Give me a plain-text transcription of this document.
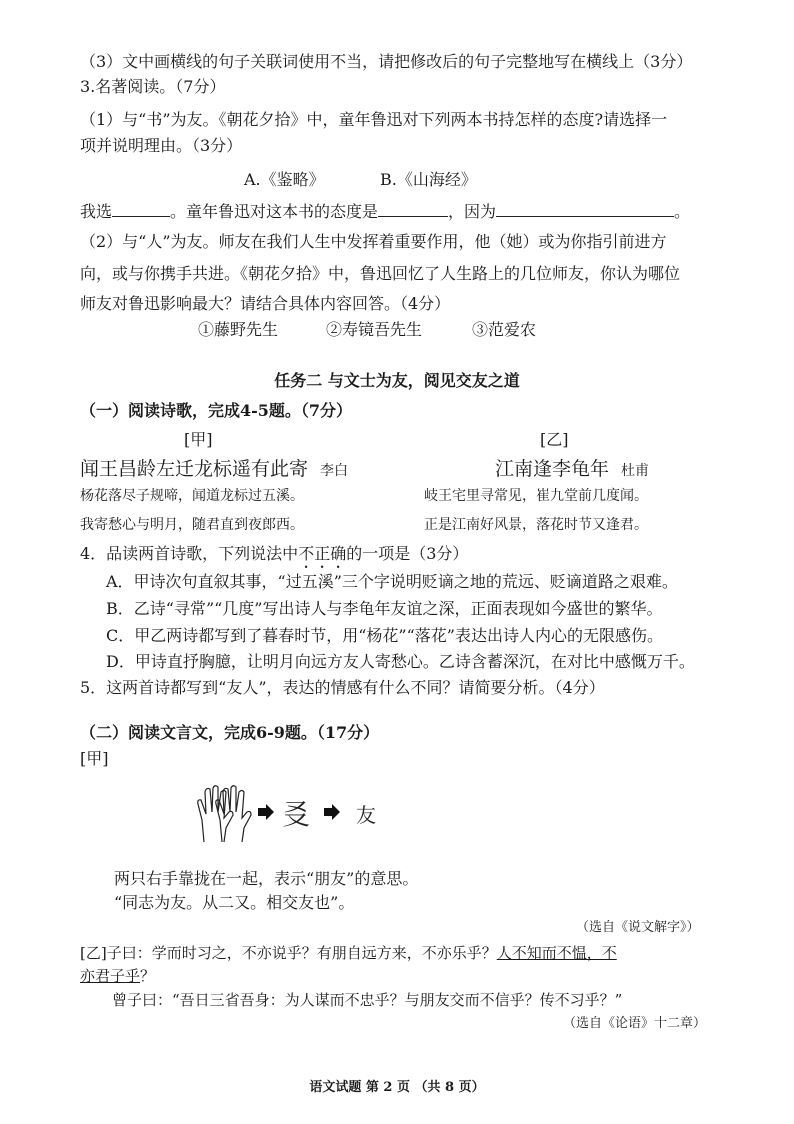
（3）文中画横线的句子关联词使用不当，请把修改后的句子完整地写在横线上（3分）
3.名著阅读。（7分）
（1）与“书”为友。《朝花夕拾》中，童年鲁迅对下列两本书持怎样的态度?请选择一
项并说明理由。（3分）
A.《鉴略》	B.《山海经》
我选	。童年鲁迅对这本书的态度是	，因为	。
（2）与“人”为友。师友在我们人生中发挥着重要作用，他（她）或为你指引前进方
向，或与你携手共进。《朝花夕拾》中，鲁迅回忆了人生路上的几位师友，你认为哪位
师友对鲁迅影响最大？请结合具体内容回答。（4分）
①藤野先生	②寿镜吾先生	③范爱农
任务二 与文士为友，阅见交友之道
（一）阅读诗歌，完成4-5题。（7分）
[甲]	[乙]
闻王昌龄左迁龙标遥有此寄 李白	江南逢李龟年 杜甫
杨花落尽子规啼，闻道龙标过五溪。	岐王宅里寻常见，崔九堂前几度闻。
我寄愁心与明月，随君直到夜郎西。	正是江南好风景，落花时节又逢君。
4．品读两首诗歌，下列说法中不正确的一项是（3分）
A．甲诗次句直叙其事，“过五溪”三个字说明贬谪之地的荒远、贬谪道路之艰难。
B．乙诗“寻常”“几度”写出诗人与李龟年友谊之深，正面表现如今盛世的繁华。
C．甲乙两诗都写到了暮春时节，用“杨花”“落花”表达出诗人内心的无限感伤。
D．甲诗直抒胸臆，让明月向远方友人寄愁心。乙诗含蓄深沉，在对比中感慨万千。
5．这两首诗都写到“友人”，表达的情感有什么不同？请简要分析。（4分）
（二）阅读文言文，完成6-9题。（17分）
[甲]
㕛 友
两只右手靠拢在一起，表示“朋友”的意思。
“同志为友。从二又。相交友也”。
（选自《说文解字》）
[乙]子曰：学而时习之，不亦说乎？有朋自远方来，不亦乐乎？人不知而不愠，不
亦君子乎？
曾子曰：“吾日三省吾身：为人谋而不忠乎？与朋友交而不信乎？传不习乎？”
（选自《论语》十二章）
语文试题 第 2 页 （共 8 页）
